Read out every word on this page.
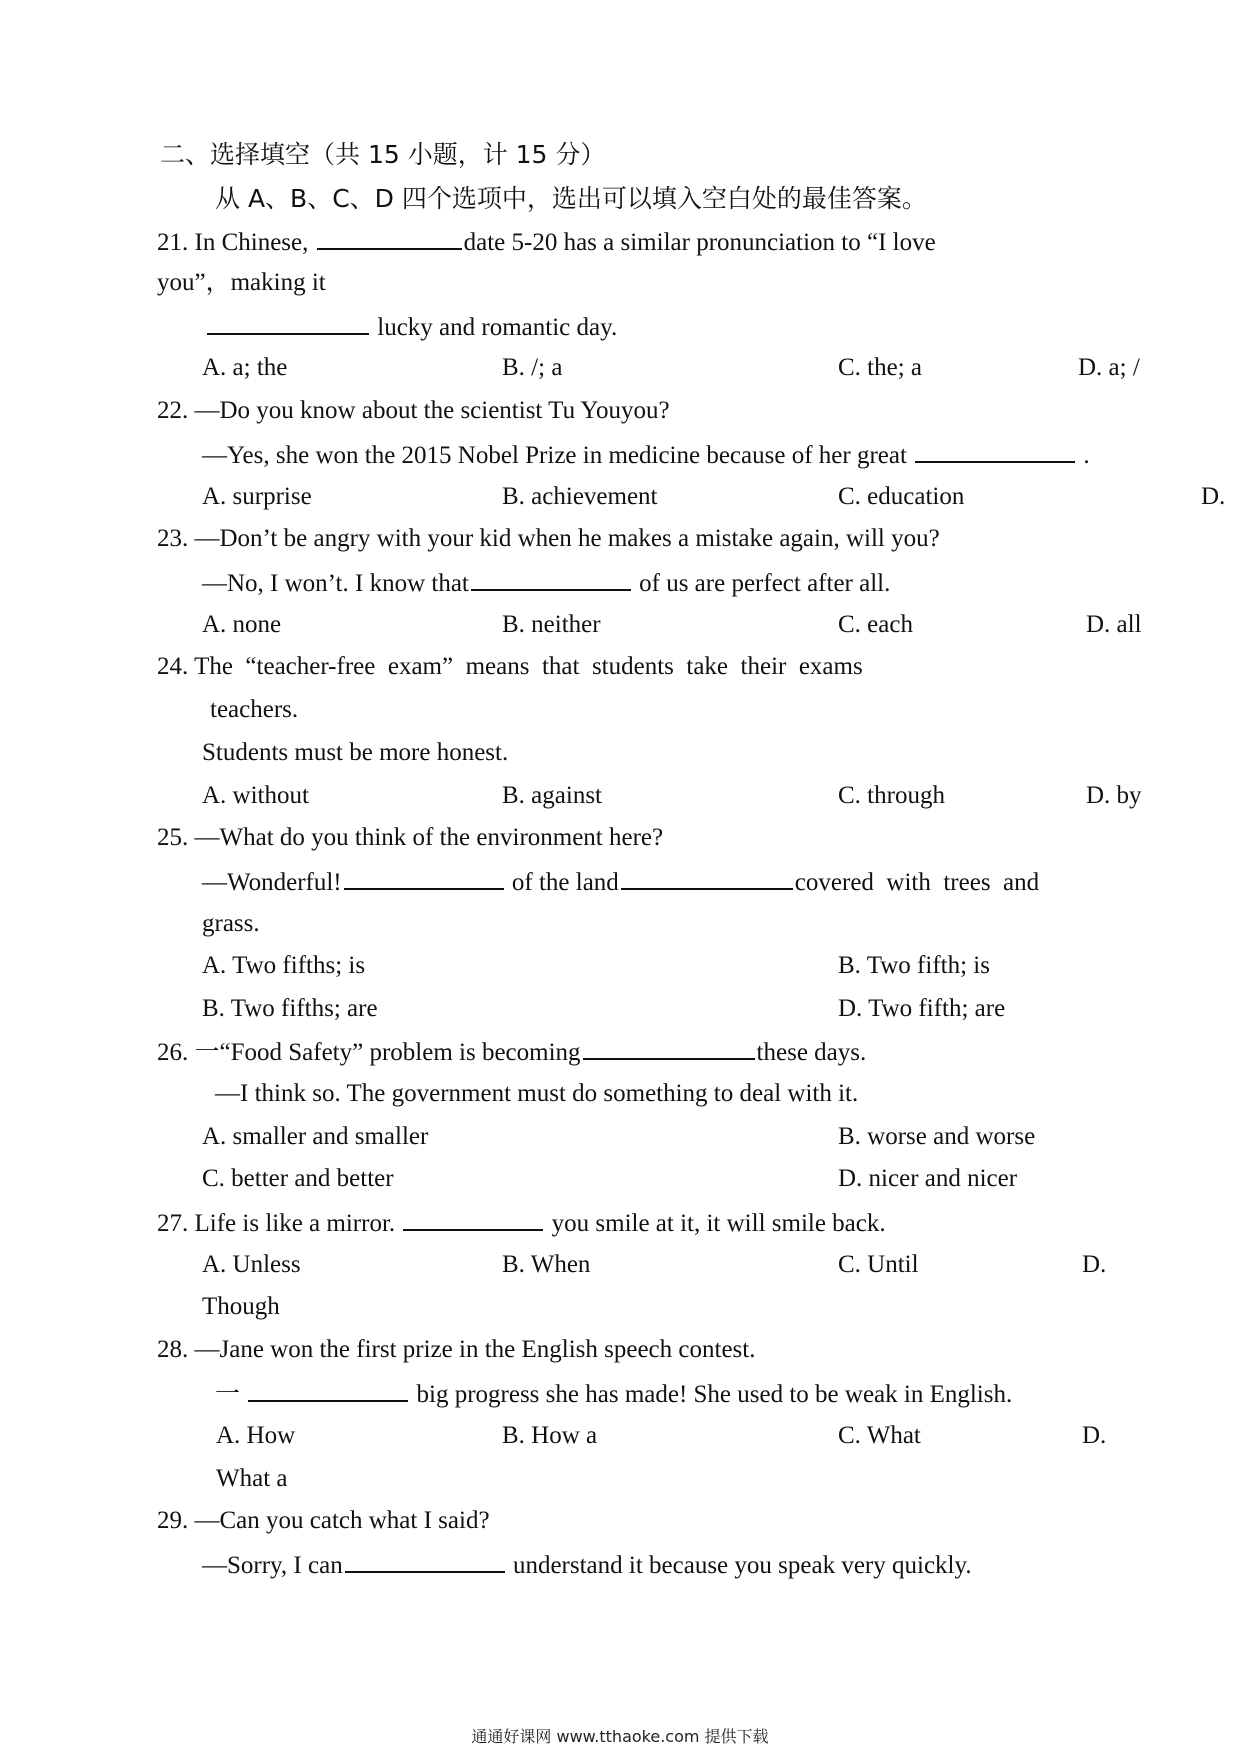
二、选择填空（共 15 小题，计 15 分）
从 A、B、C、D 四个选项中，选出可以填入空白处的最佳答案。
21. In Chinese,	date 5-20 has a similar pronunciation to “I love
you”，making it
lucky and romantic day.
A. a; the	B. /; a	C. the; a	D. a; /
22. —Do you know about the scientist Tu Youyou?
—Yes, she won the 2015 Nobel Prize in medicine because of her great	.
A. surprise	B. achievement	C. education	D.
23. —Don’t be angry with your kid when he makes a mistake again, will you?
—No, I won’t. I know that	of us are perfect after all.
A. none	B. neither	C. each	D. all
24. The  “teacher-free  exam”  means  that  students  take  their  exams
teachers.
Students must be more honest.
A. without	B. against	C. through	D. by
25. —What do you think of the environment here?
—Wonderful!	of the land	covered  with  trees  and
grass.
A. Two fifths; is	B. Two fifth; is
B. Two fifths; are	D. Two fifth; are
26. 一“Food Safety” problem is becoming	these days.
—I think so. The government must do something to deal with it.
A. smaller and smaller	B. worse and worse
C. better and better	D. nicer and nicer
27. Life is like a mirror.	you smile at it, it will smile back.
A. Unless	B. When	C. Until	D.
Though
28. —Jane won the first prize in the English speech contest.
一	big progress she has made! She used to be weak in English.
A. How	B. How a	C. What	D.
What a
29. —Can you catch what I said?
—Sorry, I can	understand it because you speak very quickly.
通通好课网 www.tthaoke.com 提供下载
